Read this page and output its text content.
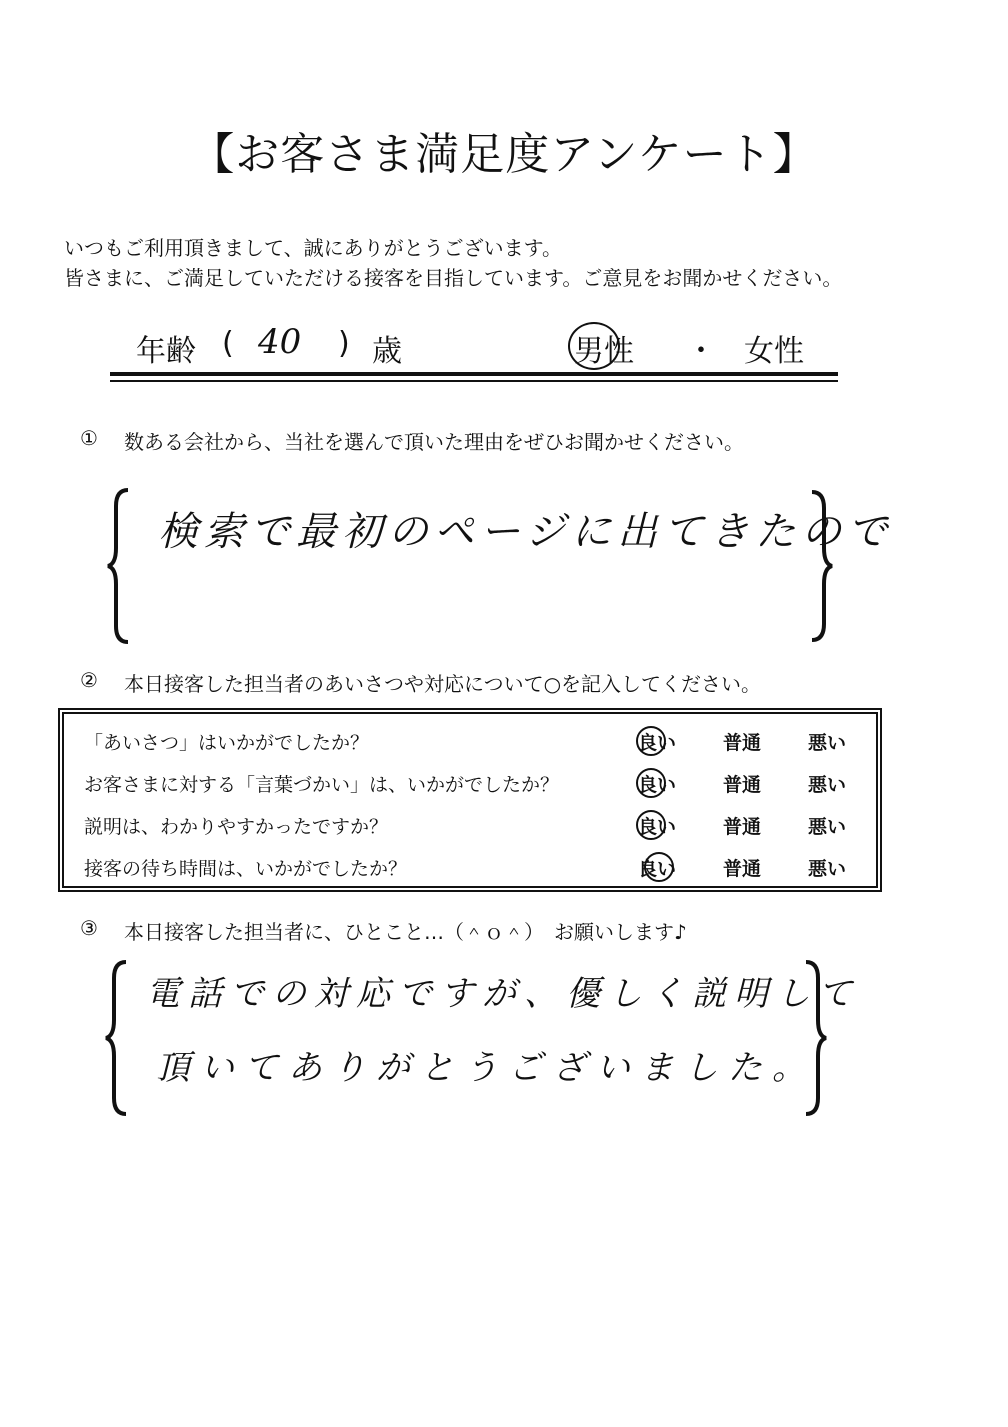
【お客さま満足度アンケート】
いつもご利用頂きまして、誠にありがとうございます。
皆さまに、ご満足していただける接客を目指しています。ご意見をお聞かせください。
年齢 ( 40 ) 歳	男性 ・ 女性
① 数ある会社から、当社を選んで頂いた理由をぜひお聞かせください。
検索で最初のページに出てきたので
② 本日接客した担当者のあいさつや対応について○を記入してください。
「あいさつ」はいかがでしたか？	良い	普通	悪い
お客さまに対する「言葉づかい」は、いかがでしたか？	良い	普通	悪い
説明は、わかりやすかったですか？	良い	普通	悪い
接客の待ち時間は、いかがでしたか？	良い	普通	悪い
③ 本日接客した担当者に、ひとこと…（＾ｏ＾）　お願いします♪
電話での対応ですが、優しく説明して
頂いてありがとうございました。
